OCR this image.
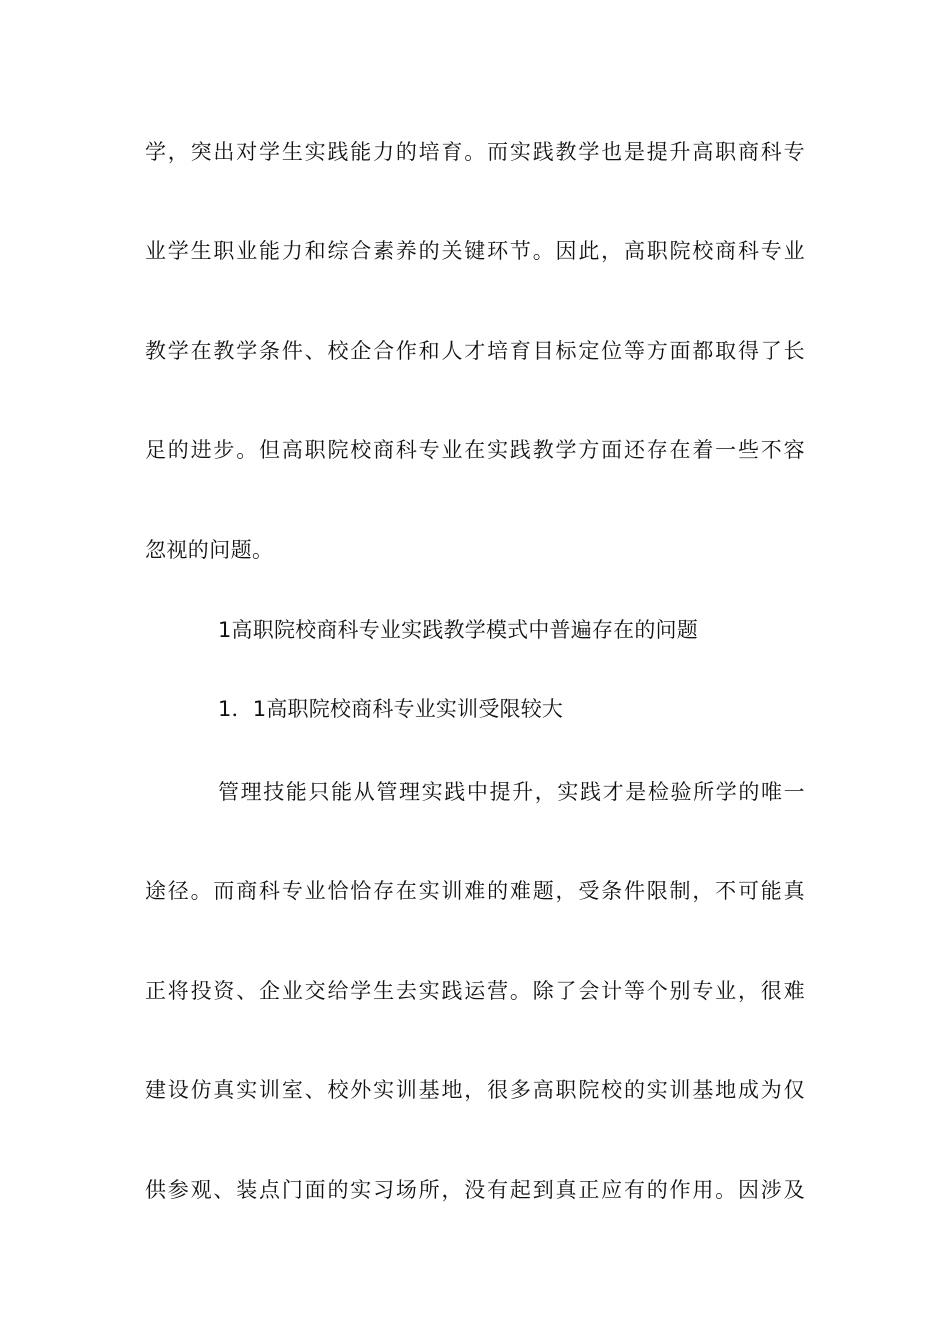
学，突出对学生实践能力的培育。而实践教学也是提升高职商科专
业学生职业能力和综合素养的关键环节。因此，高职院校商科专业
教学在教学条件、校企合作和人才培育目标定位等方面都取得了长
足的进步。但高职院校商科专业在实践教学方面还存在着一些不容
忽视的问题。
1高职院校商科专业实践教学模式中普遍存在的问题
1．1高职院校商科专业实训受限较大
管理技能只能从管理实践中提升，实践才是检验所学的唯一
途径。而商科专业恰恰存在实训难的难题，受条件限制，不可能真
正将投资、企业交给学生去实践运营。除了会计等个别专业，很难
建设仿真实训室、校外实训基地，很多高职院校的实训基地成为仅
供参观、装点门面的实习场所，没有起到真正应有的作用。因涉及
